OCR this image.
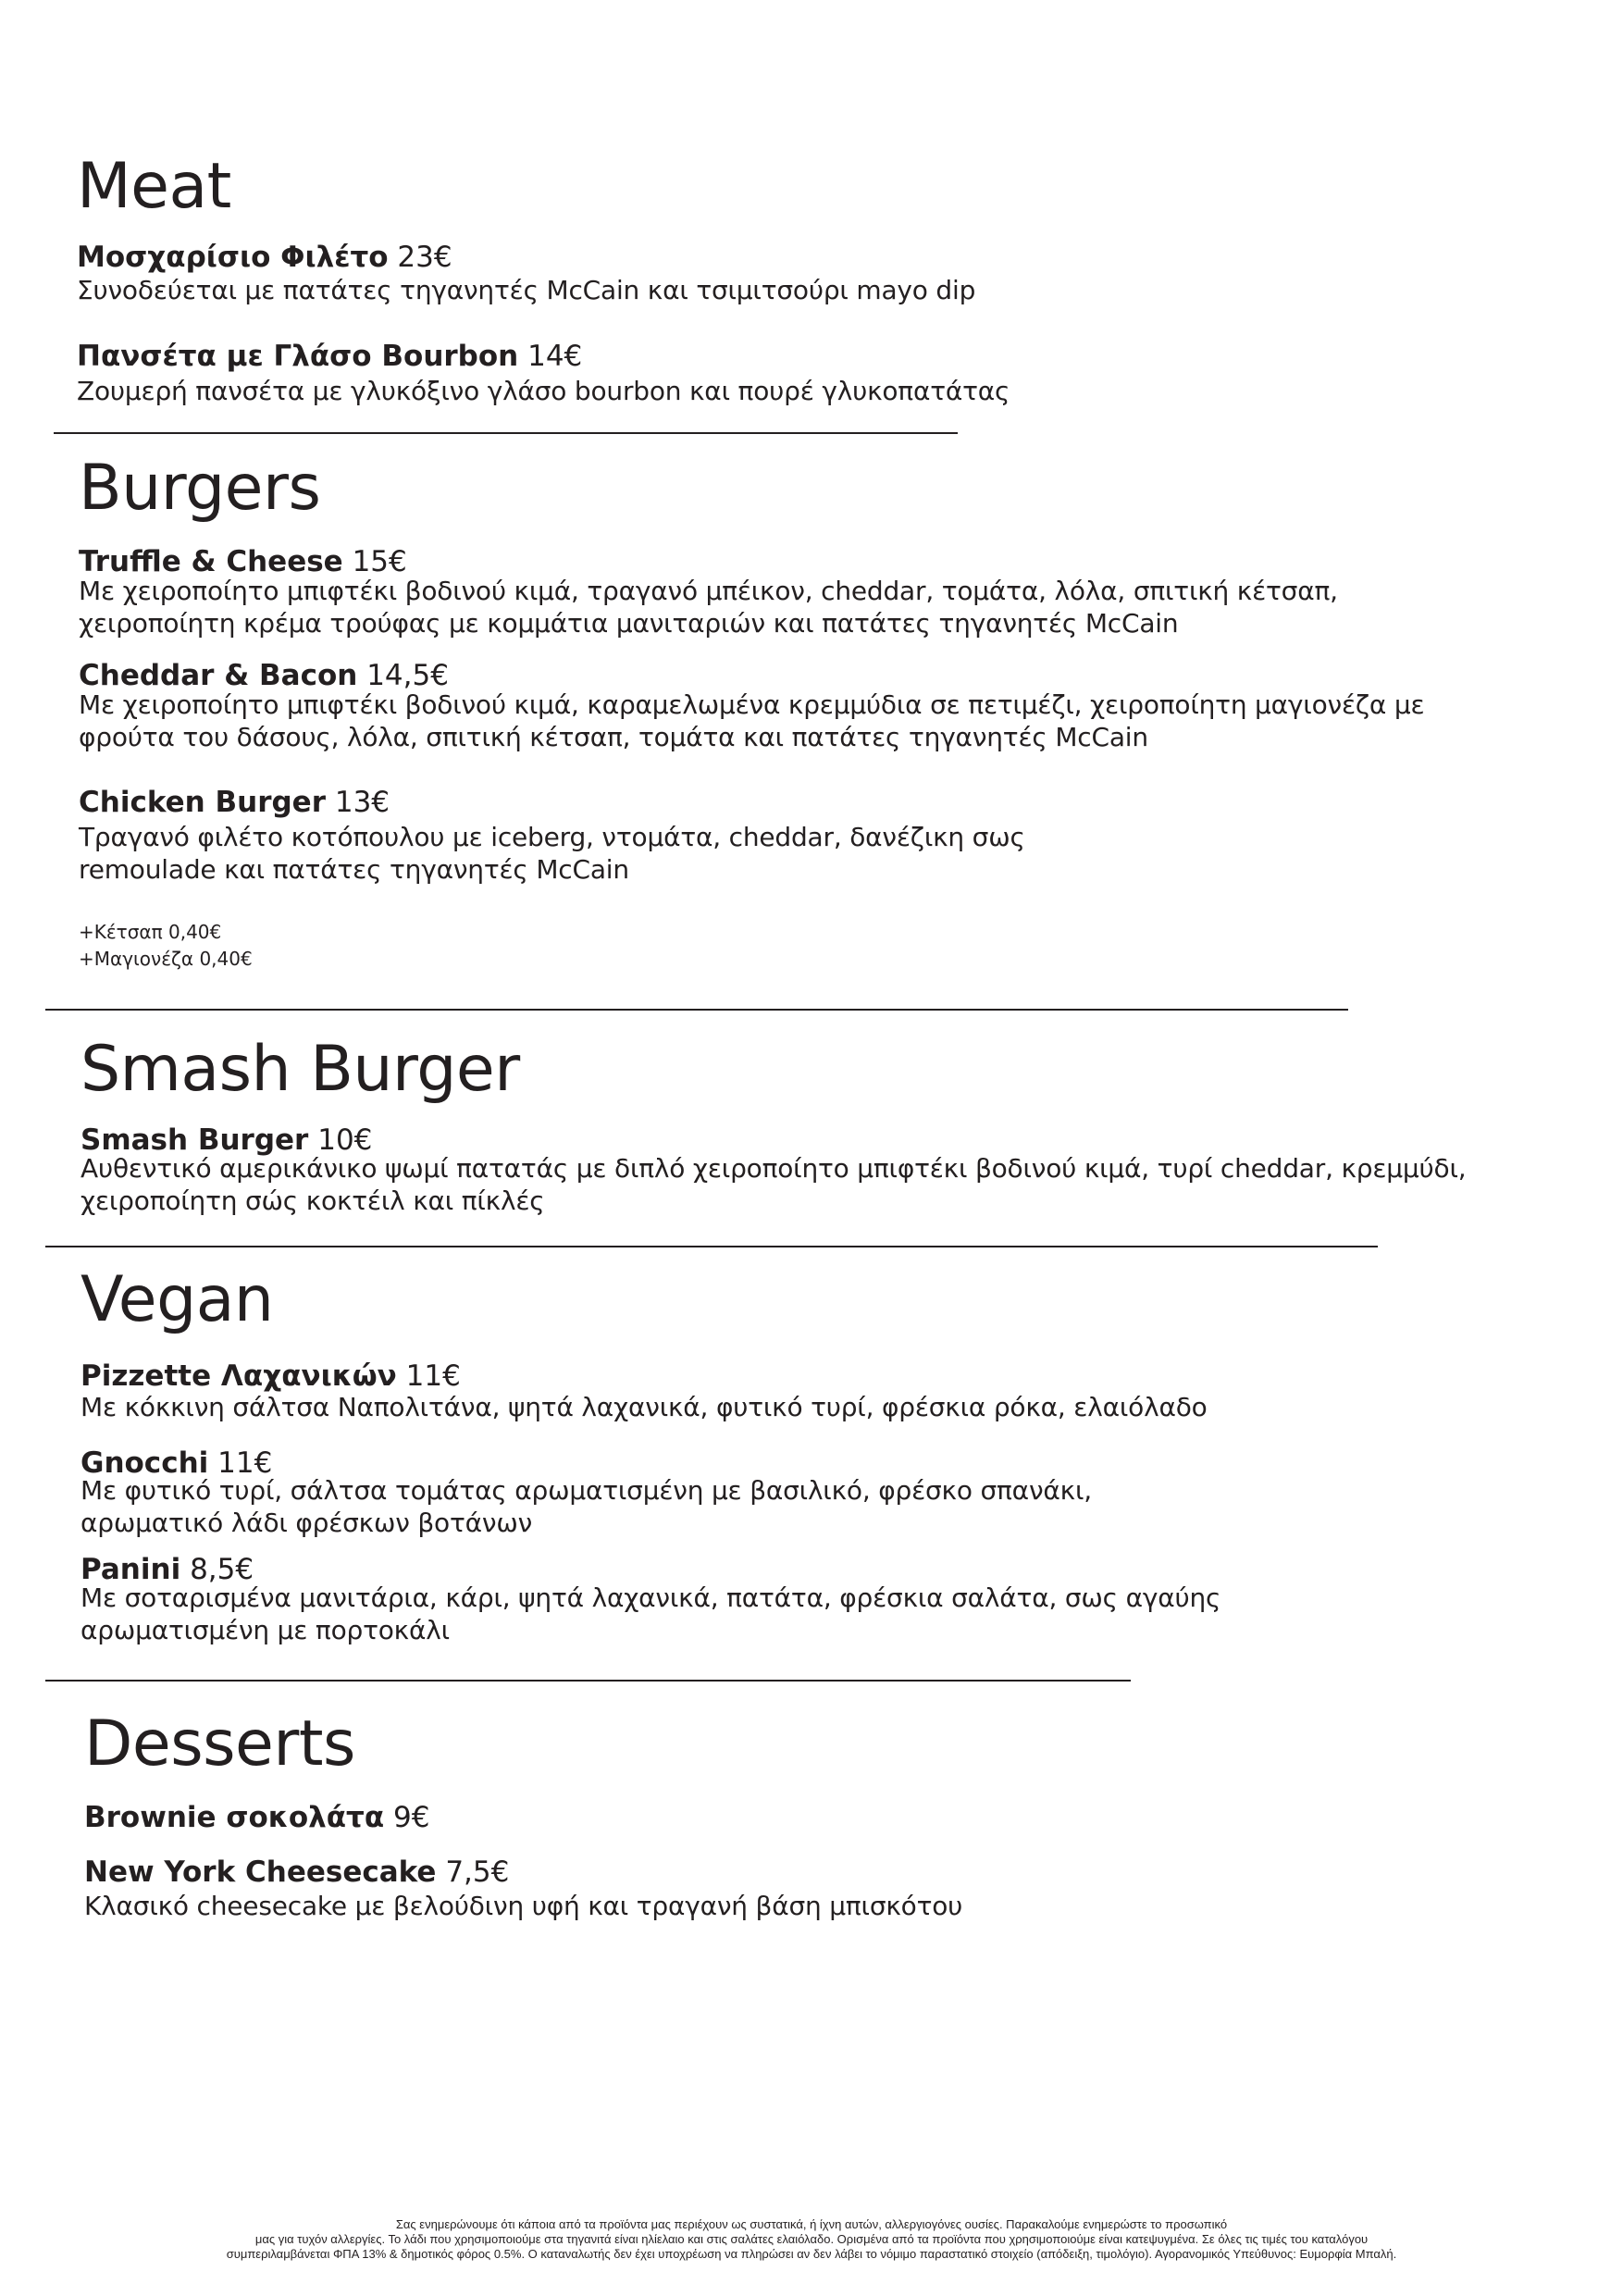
Meat
Μοσχαρίσιο Φιλέτο 23€

Συνοδεύεται με πατάτες τηγανητές McCain και τσιμιτσούρι mayo dip

Πανσέτα με Γλάσο Bourbon 14€

Ζουμερή πανσέτα με γλυκόξινο γλάσο bourbon και πουρέ γλυκοπατάτας

Burgers
Truffle & Cheese 15€

Με χειροποίητο μπιφτέκι βοδινού κιμά, τραγανό μπέικον, cheddar, τομάτα, λόλα, σπιτική κέτσαπ,
χειροποίητη κρέμα τρούφας με κομμάτια μανιταριών και πατάτες τηγανητές McCain

Cheddar & Bacon 14,5€

Με χειροποίητο μπιφτέκι βοδινού κιμά, καραμελωμένα κρεμμύδια σε πετιμέζι, χειροποίητη μαγιονέζα με
φρούτα του δάσους, λόλα, σπιτική κέτσαπ, τομάτα και πατάτες τηγανητές McCain

Chicken Burger 13€

Τραγανό φιλέτο κοτόπουλου με iceberg, ντομάτα, cheddar, δανέζικη σως
remoulade και πατάτες τηγανητές McCain

+Κέτσαπ 0,40€

+Μαγιονέζα 0,40€

Smash Burger
Smash Burger 10€

Αυθεντικό αμερικάνικο ψωμί πατατάς με διπλό χειροποίητο μπιφτέκι βοδινού κιμά, τυρί cheddar, κρεμμύδι,
χειροποίητη σώς κοκτέιλ και πίκλές

Vegan
Pizzette Λαχανικών 11€

Με κόκκινη σάλτσα Ναπολιτάνα, ψητά λαχανικά, φυτικό τυρί, φρέσκια ρόκα, ελαιόλαδο

Gnocchi 11€

Με φυτικό τυρί, σάλτσα τομάτας αρωματισμένη με βασιλικό, φρέσκο σπανάκι,
αρωματικό λάδι φρέσκων βοτάνων

Panini 8,5€

Με σοταρισμένα μανιτάρια, κάρι, ψητά λαχανικά, πατάτα, φρέσκια σαλάτα, σως αγαύης
αρωματισμένη με πορτοκάλι

Desserts
Brownie σοκολάτα 9€
New York Cheesecake 7,5€

Κλασικό cheesecake με βελούδινη υφή και τραγανή βάση μπισκότου

Σας ενημερώνουμε ότι κάποια από τα προϊόντα μας περιέχουν ως συστατικά, ή ίχνη αυτών, αλλεργιογόνες ουσίες. Παρακαλούμε ενημερώστε το προσωπικό
μας για τυχόν αλλεργίες. Το λάδι που χρησιμοποιούμε στα τηγανιτά είναι ηλίελαιο και στις σαλάτες ελαιόλαδο. Ορισμένα από τα προϊόντα που χρησιμοποιούμε είναι κατεψυγμένα. Σε όλες τις τιμές του καταλόγου
συμπεριλαμβάνεται ΦΠΑ 13% & δημοτικός φόρος 0.5%. Ο καταναλωτής δεν έχει υποχρέωση να πληρώσει αν δεν λάβει το νόμιμο παραστατικό στοιχείο (απόδειξη, τιμολόγιο). Αγορανομικός Υπεύθυνος: Ευμορφία Μπαλή.
